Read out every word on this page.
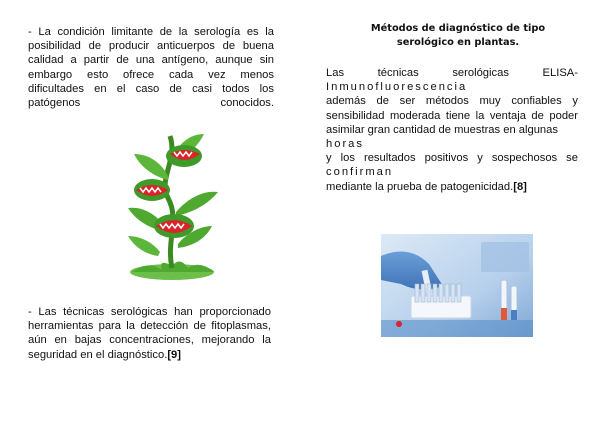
- La condición limitante de la serología es la posibilidad de producir anticuerpos de buena calidad a partir de una antígeno, aunque sin embargo esto ofrece cada vez menos dificultades en el caso de casi todos los patógenos conocidos.

- Las técnicas serológicas han proporcionado herramientas para la detección de fitoplasmas, aún en bajas concentraciones, mejorando la seguridad en el diagnóstico.[9]

Métodos de diagnóstico de tipo
serológico en plantas.
Las técnicas serológicas ELISA-
Inmunofluorescencia
además de ser métodos muy confiables y sensibilidad moderada tiene la ventaja de poder asimilar gran cantidad de muestras en algunas
horas
y los resultados positivos y sospechosos se
confirman
mediante la prueba de patogenicidad.[8]
